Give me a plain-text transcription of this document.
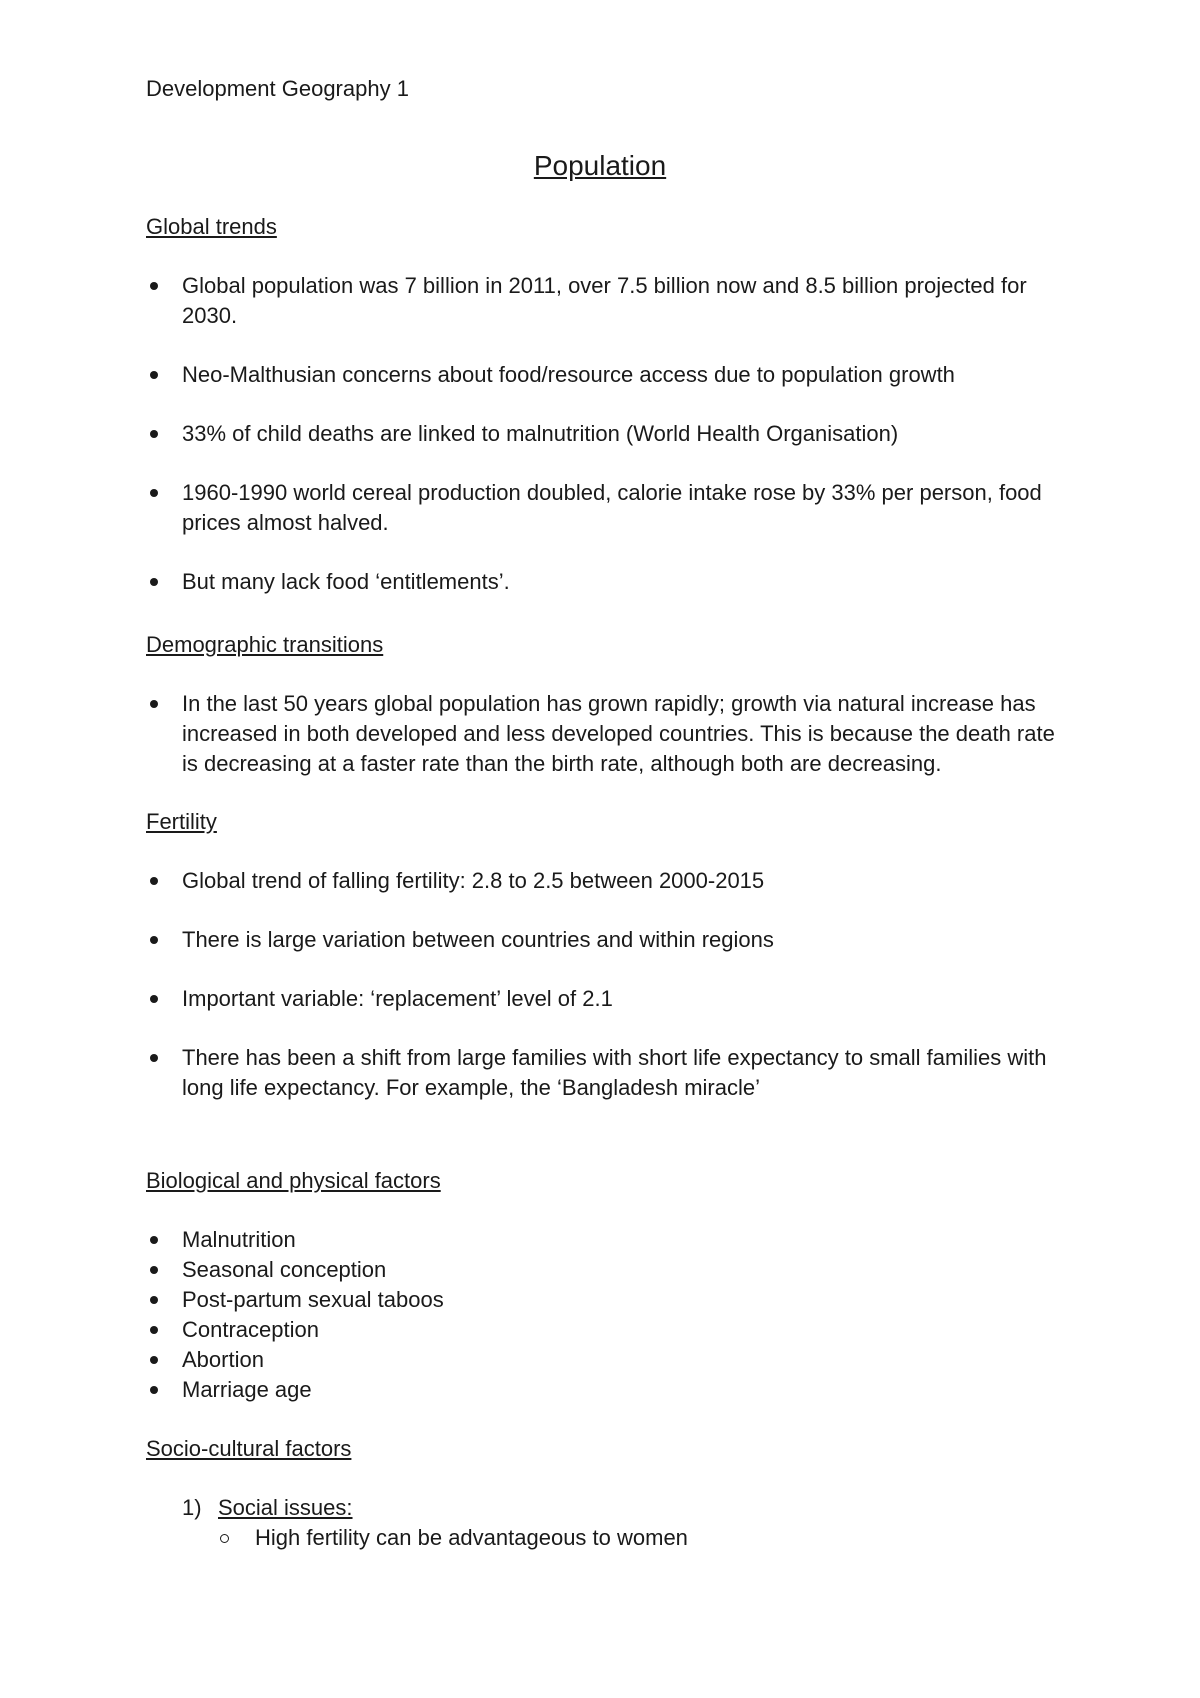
Development Geography 1
Population
Global trends
Global population was 7 billion in 2011, over 7.5 billion now and 8.5 billion projected for 2030.
Neo-Malthusian concerns about food/resource access due to population growth
33% of child deaths are linked to malnutrition (World Health Organisation)
1960-1990 world cereal production doubled, calorie intake rose by 33% per person, food prices almost halved.
But many lack food ‘entitlements’.
Demographic transitions
In the last 50 years global population has grown rapidly; growth via natural increase has increased in both developed and less developed countries. This is because the death rate is decreasing at a faster rate than the birth rate, although both are decreasing.
Fertility
Global trend of falling fertility: 2.8 to 2.5 between 2000-2015
There is large variation between countries and within regions
Important variable: ‘replacement’ level of 2.1
There has been a shift from large families with short life expectancy to small families with long life expectancy. For example, the ‘Bangladesh miracle’
Biological and physical factors
Malnutrition
Seasonal conception
Post-partum sexual taboos
Contraception
Abortion
Marriage age
Socio-cultural factors
1) Social issues:
High fertility can be advantageous to women
